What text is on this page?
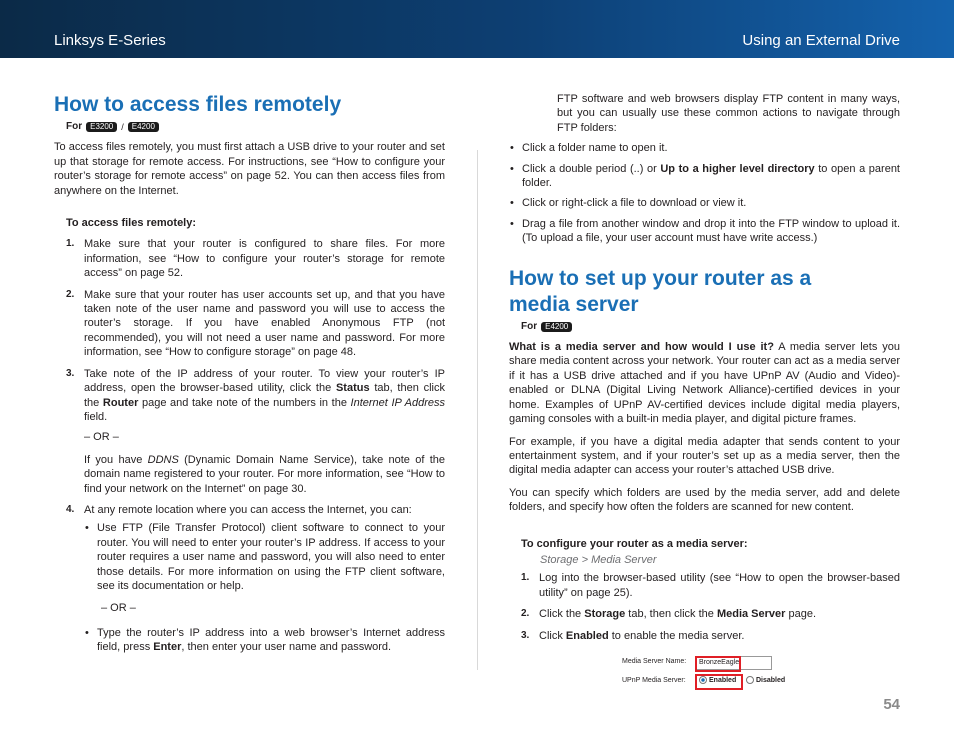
Linksys E-Series	Using an External Drive
How to access files remotely
For	E3200 /	E4200

To access files remotely, you must first attach a USB drive to your router and set up that storage for remote access. For instructions, see “How to configure your router’s storage for remote access” on page 52. You can then access files from anywhere on the Internet.

To access files remotely:
1. Make sure that your router is configured to share files. For more information, see “How to configure your router’s storage for remote access” on page 52.
2. Make sure that your router has user accounts set up, and that you have taken note of the user name and password you will use to access the router’s storage. If you have enabled Anonymous FTP (not recommended), you will not need a user name and password. For more information, see “How to configure storage” on page 48.
3. Take note of the IP address of your router. To view your router’s IP address, open the browser-based utility, click the Status tab, then click the Router page and take note of the numbers in the Internet IP Address field.
– OR –
If you have DDNS (Dynamic Domain Name Service), take note of the domain name registered to your router. For more information, see “How to find your network on the Internet” on page 30.
4. At any remote location where you can access the Internet, you can:
• Use FTP (File Transfer Protocol) client software to connect to your router. You will need to enter your router’s IP address. If access to your router requires a user name and password, you will also need to enter those details. For more information on using the FTP client software, see its documentation or help.
– OR –
• Type the router’s IP address into a web browser’s Internet address field, press Enter, then enter your user name and password.

FTP software and web browsers display FTP content in many ways, but you can usually use these common actions to navigate through FTP folders:

• Click a folder name to open it.
• Click a double period (..) or Up to a higher level directory to open a parent folder.
• Click or right-click a file to download or view it.
• Drag a file from another window and drop it into the FTP window to upload it. (To upload a file, your user account must have write access.)
How to set up your router as a media server
For	E4200

What is a media server and how would I use it? A media server lets you share media content across your network. Your router can act as a media server if it has a USB drive attached and if you have UPnP AV (Audio and Video)-enabled or DLNA (Digital Living Network Alliance)-certified devices in your home. Examples of UPnP AV-certified devices include digital media players, gaming consoles with a built-in media player, and digital picture frames.

For example, if you have a digital media adapter that sends content to your entertainment system, and if your router’s set up as a media server, then the digital media adapter can access your router’s attached USB drive.

You can specify which folders are used by the media server, add and delete folders, and specify how often the folders are scanned for new content.

To configure your router as a media server:
Storage > Media Server
1. Log into the browser-based utility (see “How to open the browser-based utility” on page 25).
2. Click the Storage tab, then click the Media Server page.
3. Click Enabled to enable the media server.
Media Server Name: BronzeEagle
UPnP Media Server:	Enabled	Disabled
54
